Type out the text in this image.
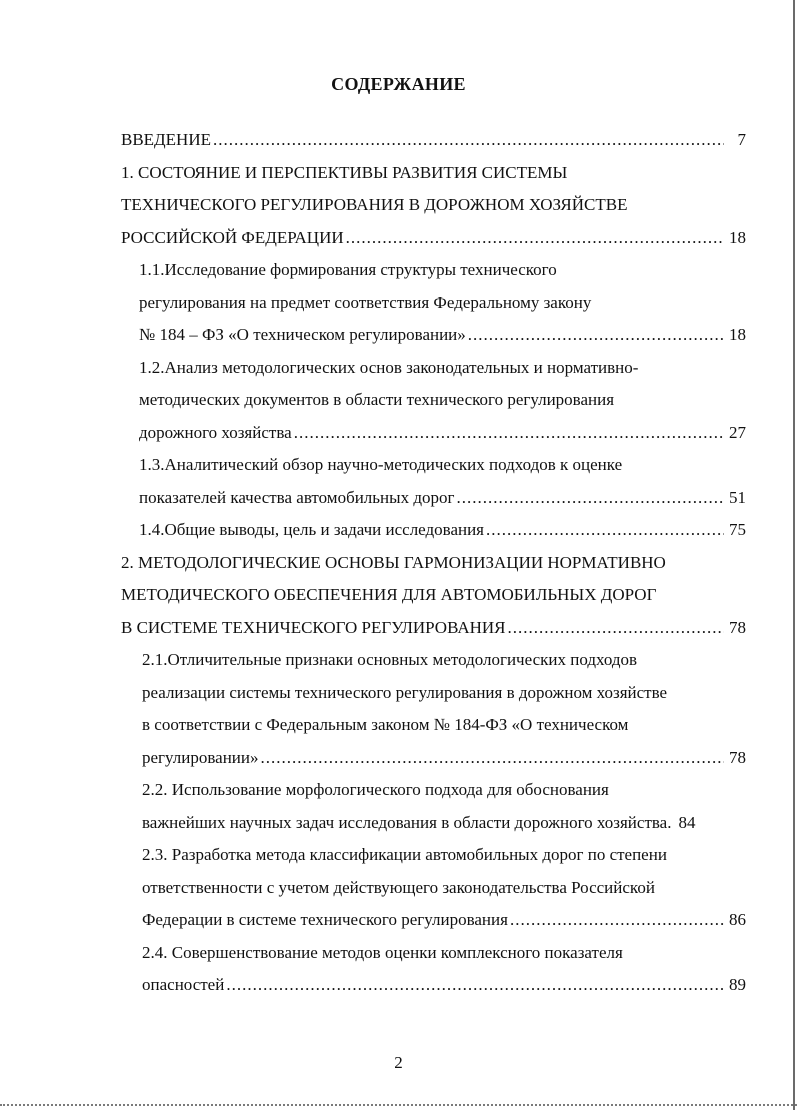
СОДЕРЖАНИЕ
ВВЕДЕНИЕ .....	7
1. СОСТОЯНИЕ И ПЕРСПЕКТИВЫ РАЗВИТИЯ СИСТЕМЫ
ТЕХНИЧЕСКОГО РЕГУЛИРОВАНИЯ В ДОРОЖНОМ ХОЗЯЙСТВЕ
РОССИЙСКОЙ ФЕДЕРАЦИИ .....	18
1.1.Исследование формирования структуры технического
регулирования на предмет соответствия Федеральному закону
№ 184 – ФЗ «О техническом регулировании» .....	18
1.2.Анализ методологических основ законодательных и нормативно-
методических документов в области технического регулирования
дорожного хозяйства .....	27
1.3.Аналитический обзор научно-методических подходов к оценке
показателей качества автомобильных дорог .....	51
1.4.Общие выводы, цель и задачи исследования .....	75
2. МЕТОДОЛОГИЧЕСКИЕ ОСНОВЫ ГАРМОНИЗАЦИИ НОРМАТИВНО
МЕТОДИЧЕСКОГО ОБЕСПЕЧЕНИЯ ДЛЯ АВТОМОБИЛЬНЫХ ДОРОГ
В СИСТЕМЕ ТЕХНИЧЕСКОГО РЕГУЛИРОВАНИЯ .....	78
2.1.Отличительные признаки основных методологических подходов
реализации системы технического регулирования в дорожном хозяйстве
в соответствии с Федеральным законом № 184-ФЗ «О техническом
регулировании» .....	78
2.2. Использование морфологического подхода для обоснования
важнейших научных задач исследования в области дорожного хозяйства. 84
2.3. Разработка метода классификации автомобильных дорог по степени
ответственности с учетом действующего законодательства Российской
Федерации в системе технического регулирования .....	86
2.4. Совершенствование методов оценки комплексного показателя
опасностей .....	89
2
